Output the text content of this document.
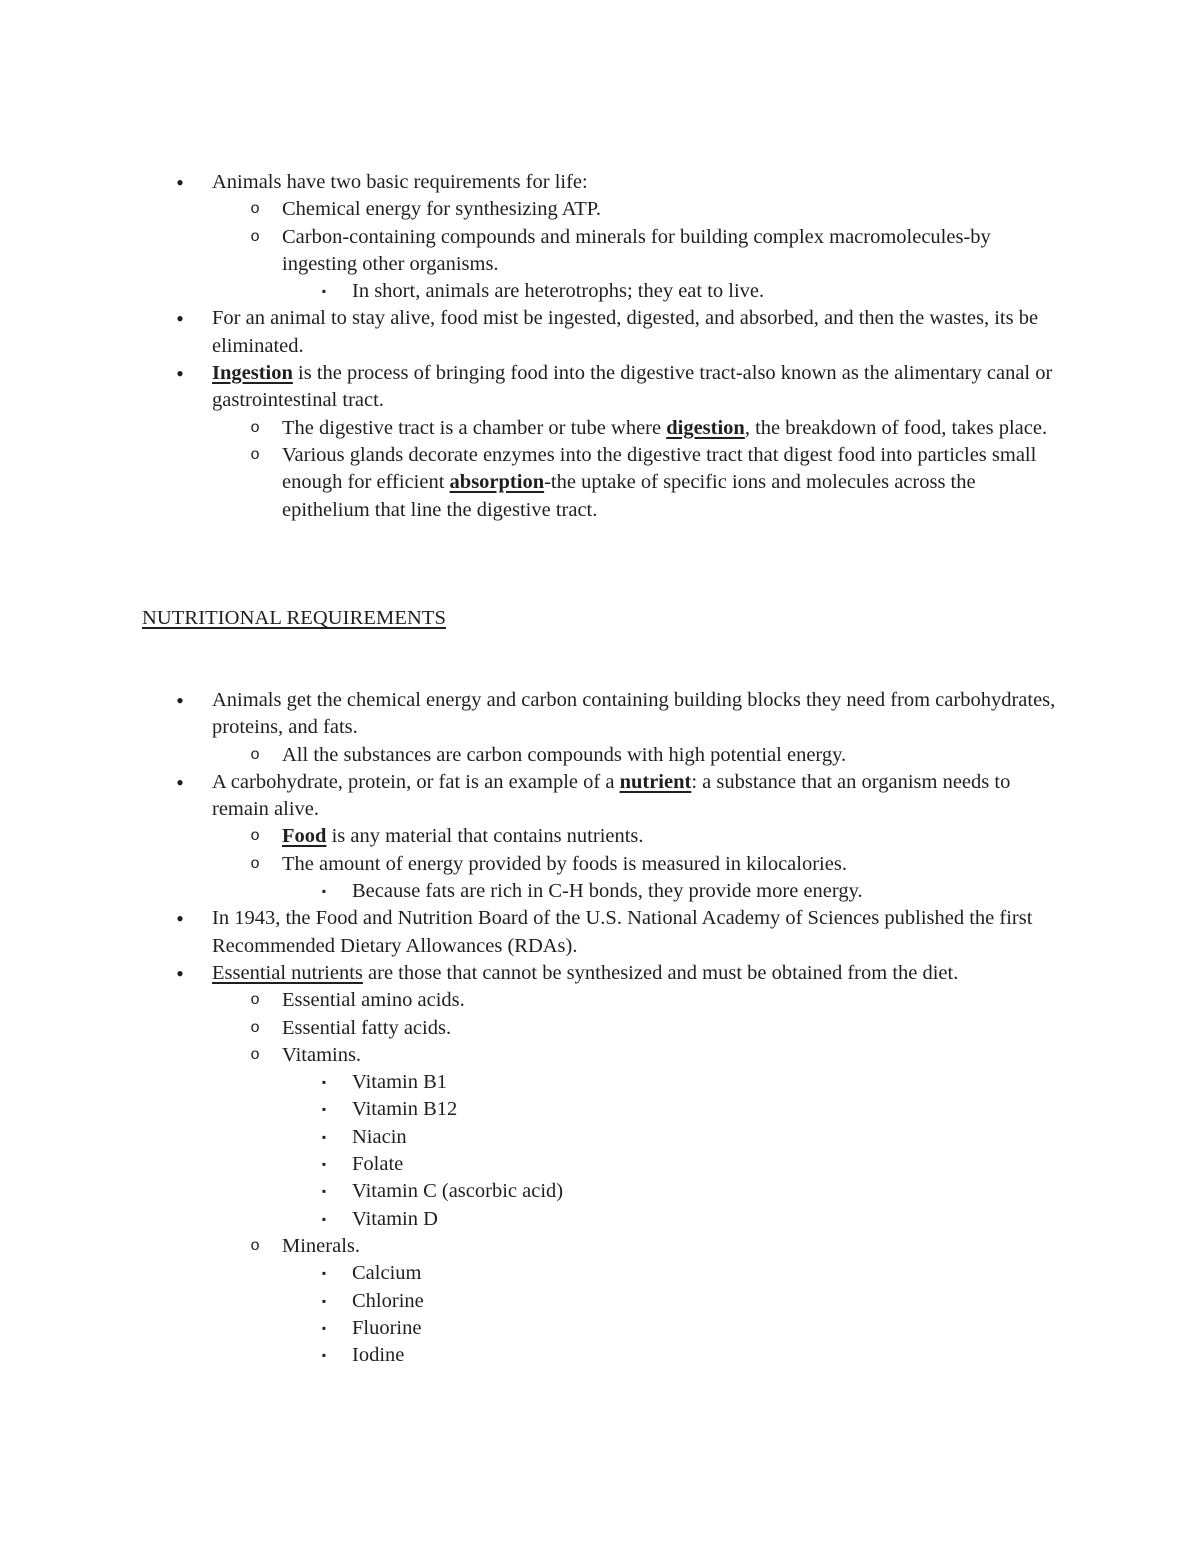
•	Animals have two basic requirements for life:
o Chemical energy for synthesizing ATP.
o Carbon-containing compounds and minerals for building complex macromolecules-by ingesting other organisms.
▪	In short, animals are heterotrophs; they eat to live.
•	For an animal to stay alive, food mist be ingested, digested, and absorbed, and then the wastes, its be eliminated.
•	Ingestion is the process of bringing food into the digestive tract-also known as the alimentary canal or gastrointestinal tract.
o The digestive tract is a chamber or tube where digestion, the breakdown of food, takes place.
o Various glands decorate enzymes into the digestive tract that digest food into particles small enough for efficient absorption-the uptake of specific ions and molecules across the epithelium that line the digestive tract.
NUTRITIONAL REQUIREMENTS
•	Animals get the chemical energy and carbon containing building blocks they need from carbohydrates, proteins, and fats.
o All the substances are carbon compounds with high potential energy.
•	A carbohydrate, protein, or fat is an example of a nutrient: a substance that an organism needs to remain alive.
o Food is any material that contains nutrients.
o The amount of energy provided by foods is measured in kilocalories.
▪	Because fats are rich in C-H bonds, they provide more energy.
•	In 1943, the Food and Nutrition Board of the U.S. National Academy of Sciences published the first Recommended Dietary Allowances (RDAs).
•	Essential nutrients are those that cannot be synthesized and must be obtained from the diet.
o Essential amino acids.
o Essential fatty acids.
o Vitamins.
▪	Vitamin B1
▪	Vitamin B12
▪	Niacin
▪	Folate
▪	Vitamin C (ascorbic acid)
▪	Vitamin D
o Minerals.
▪	Calcium
▪	Chlorine
▪	Fluorine
▪	Iodine
